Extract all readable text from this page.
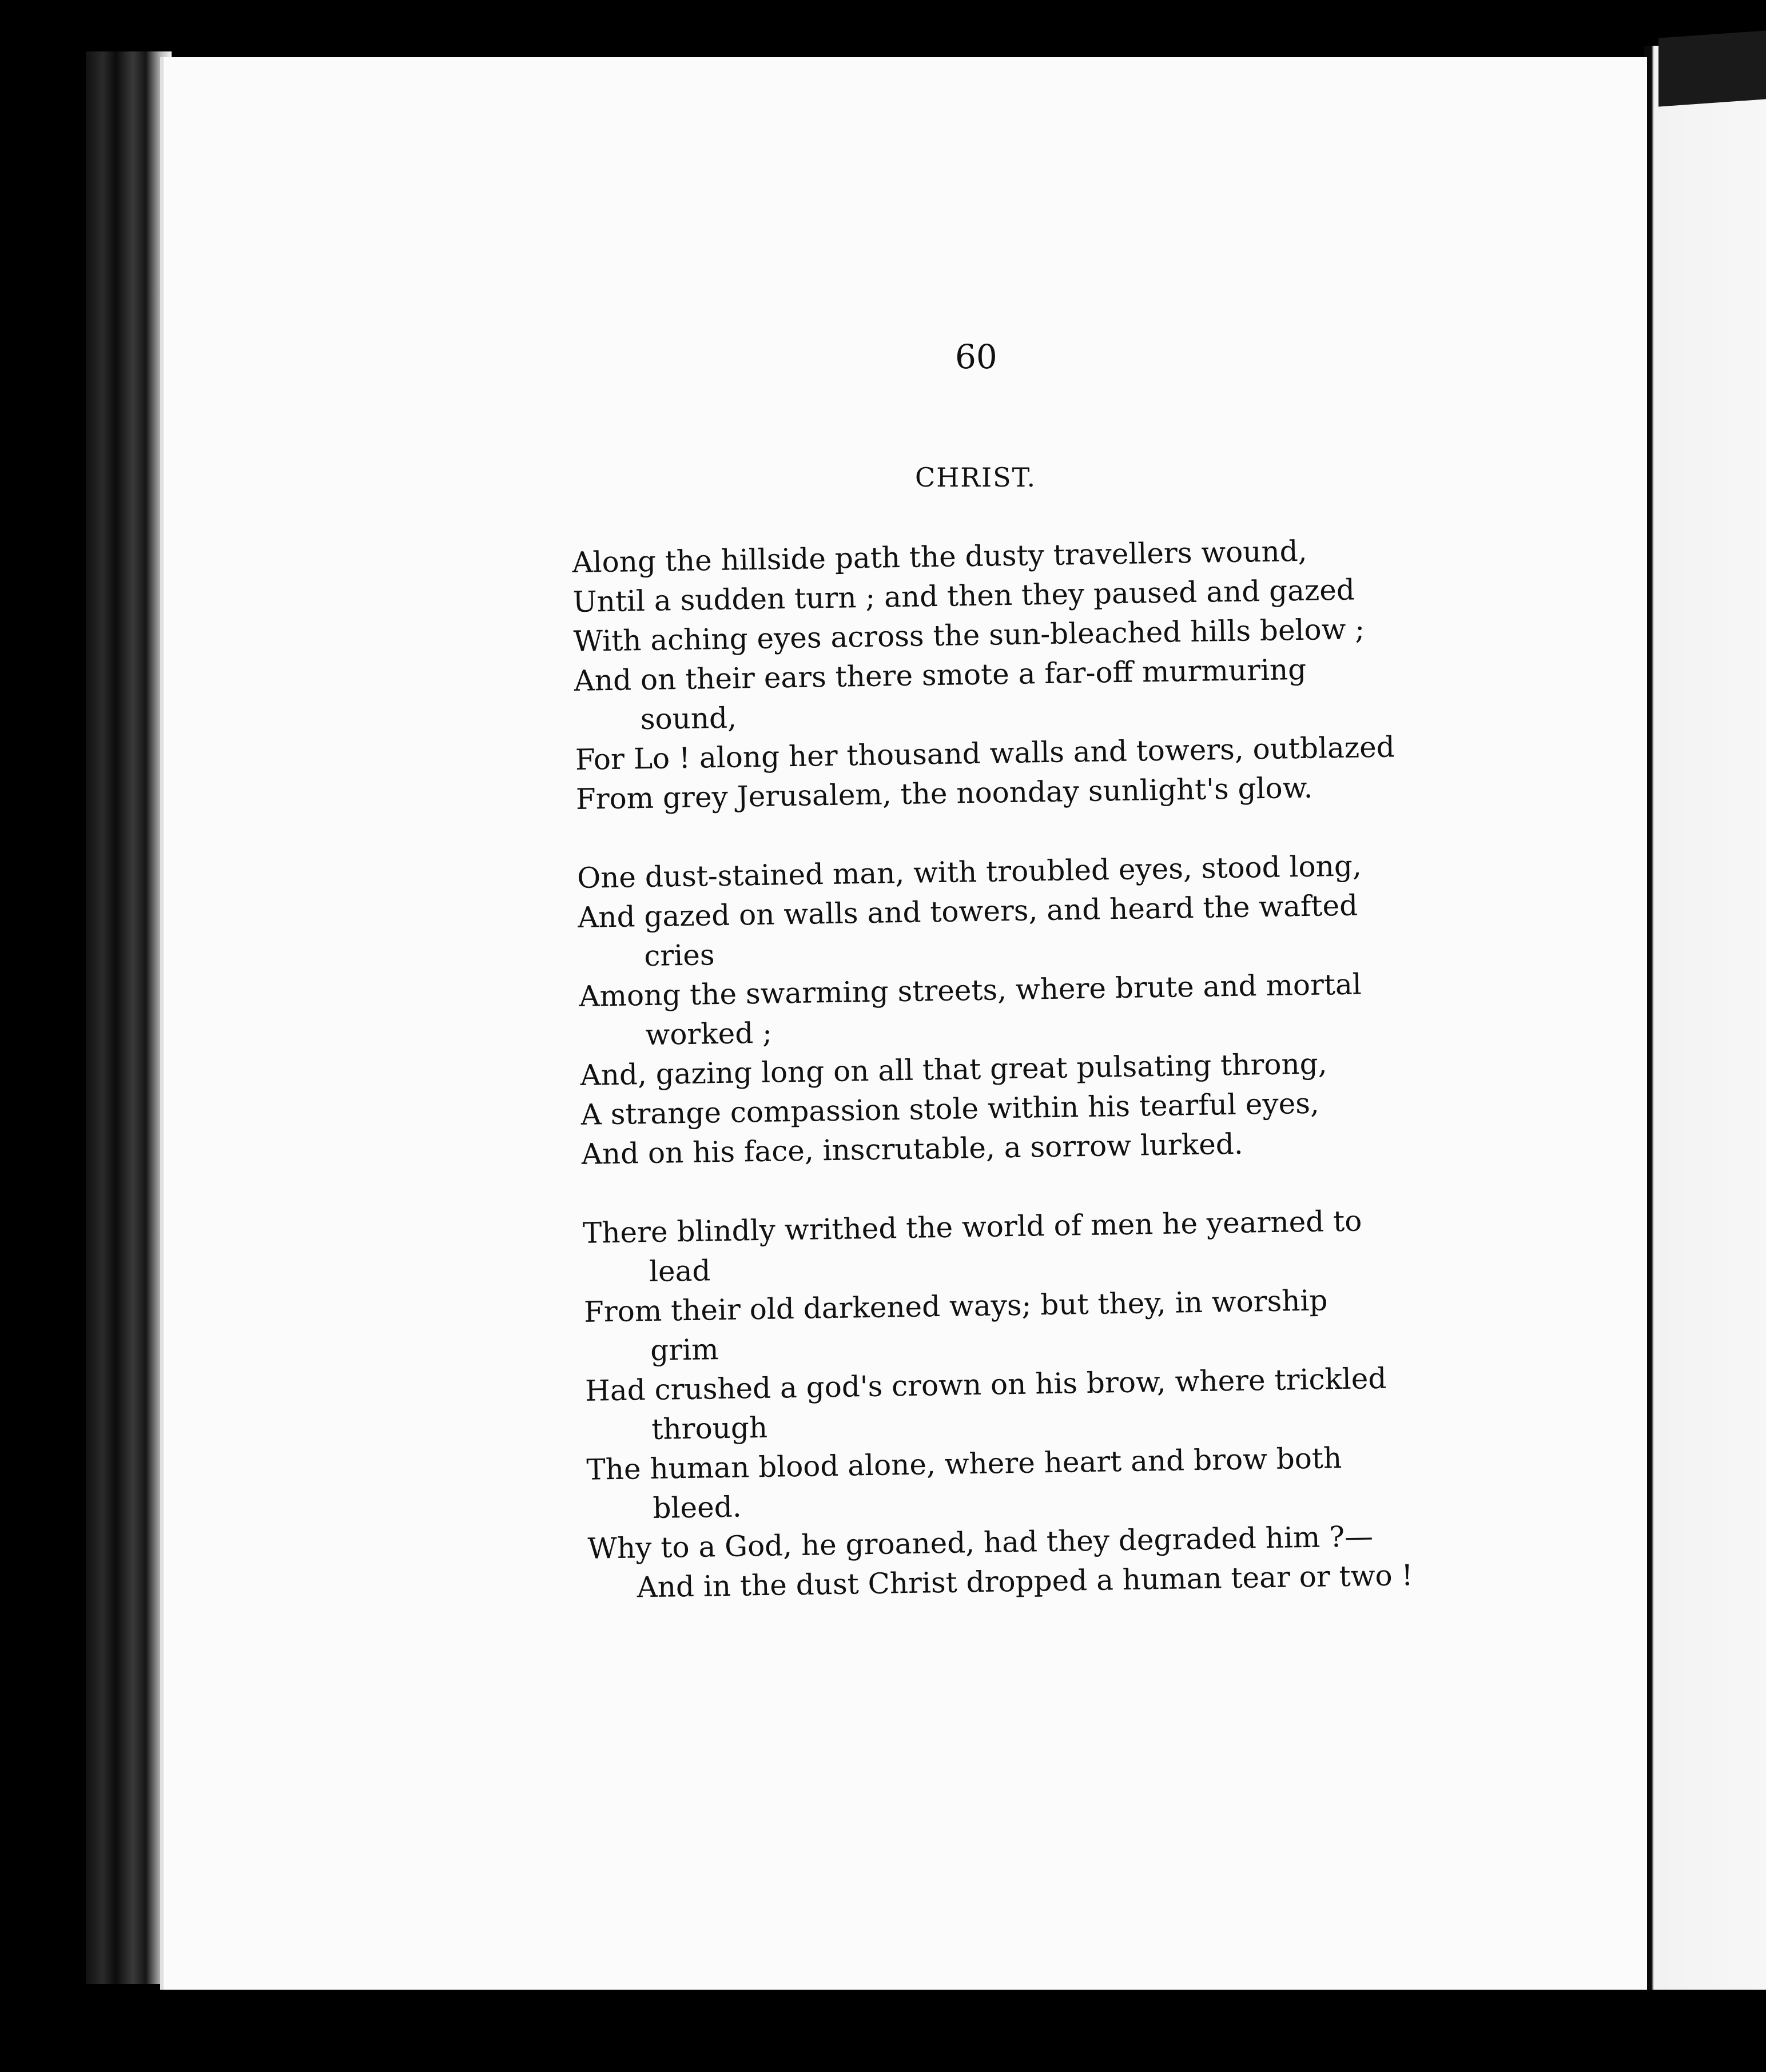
60
CHRIST.
Along the hillside path the dusty travellers wound,
Until a sudden turn ; and then they paused and gazed
With aching eyes across the sun-bleached hills below ;
And on their ears there smote a far-off murmuring
sound,
For Lo ! along her thousand walls and towers, outblazed
From grey Jerusalem, the noonday sunlight's glow.
One dust-stained man, with troubled eyes, stood long,
And gazed on walls and towers, and heard the wafted
cries
Among the swarming streets, where brute and mortal
worked ;
And, gazing long on all that great pulsating throng,
A strange compassion stole within his tearful eyes,
And on his face, inscrutable, a sorrow lurked.
There blindly writhed the world of men he yearned to
lead
From their old darkened ways; but they, in worship
grim
Had crushed a god's crown on his brow, where trickled
through
The human blood alone, where heart and brow both
bleed.
Why to a God, he groaned, had they degraded him ?—
And in the dust Christ dropped a human tear or two !
